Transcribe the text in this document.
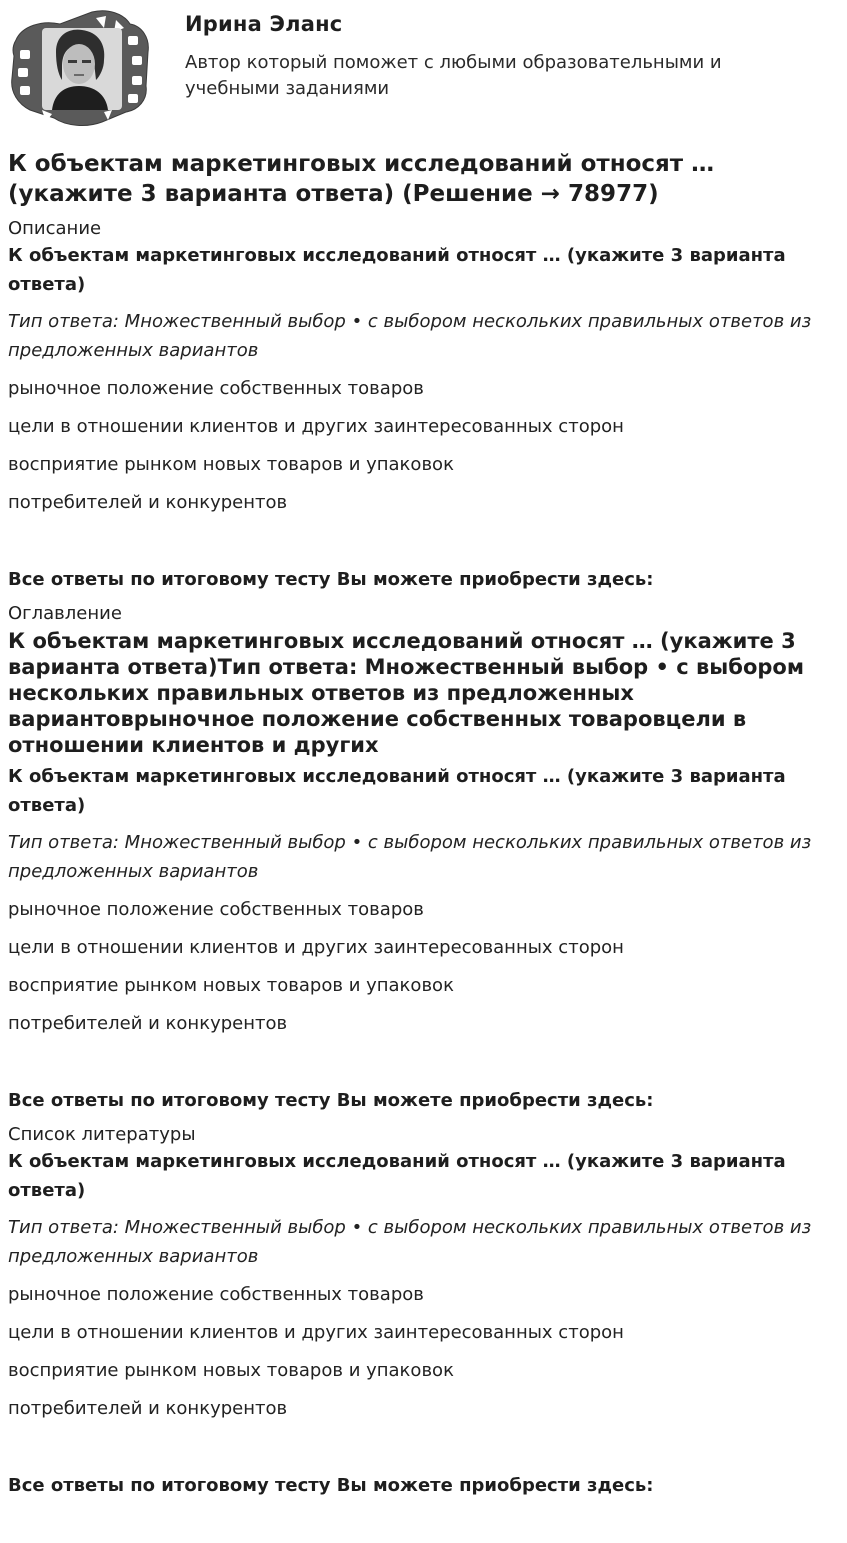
Ирина Эланс
Автор который поможет с любыми образовательными и учебными заданиями
К объектам маркетинговых исследований относят … (укажите 3 варианта ответа) (Решение → 78977)
Описание

К объектам маркетинговых исследований относят … (укажите 3 варианта ответа)

Тип ответа: Множественный выбор • с выбором нескольких правильных ответов из предложенных вариантов

рыночное положение собственных товаров

цели в отношении клиентов и других заинтересованных сторон

восприятие рынком новых товаров и упаковок

потребителей и конкурентов

Все ответы по итоговому тесту Вы можете приобрести здесь:

Оглавление
К объектам маркетинговых исследований относят … (укажите 3 варианта ответа)Тип ответа: Множественный выбор • с выбором нескольких правильных ответов из предложенных вариантоврыночное положение собственных товаровцели в отношении клиентов и других

К объектам маркетинговых исследований относят … (укажите 3 варианта ответа)

Тип ответа: Множественный выбор • с выбором нескольких правильных ответов из предложенных вариантов

рыночное положение собственных товаров

цели в отношении клиентов и других заинтересованных сторон

восприятие рынком новых товаров и упаковок

потребителей и конкурентов

Все ответы по итоговому тесту Вы можете приобрести здесь:

Список литературы

К объектам маркетинговых исследований относят … (укажите 3 варианта ответа)

Тип ответа: Множественный выбор • с выбором нескольких правильных ответов из предложенных вариантов

рыночное положение собственных товаров

цели в отношении клиентов и других заинтересованных сторон

восприятие рынком новых товаров и упаковок

потребителей и конкурентов

Все ответы по итоговому тесту Вы можете приобрести здесь:
